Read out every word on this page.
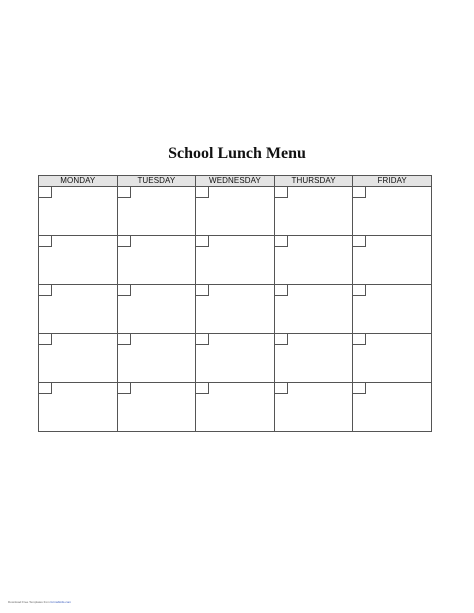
School Lunch Menu
MONDAY	TUESDAY	WEDNESDAY	THURSDAY	FRIDAY

Download Free Templates from formsbirds.com
